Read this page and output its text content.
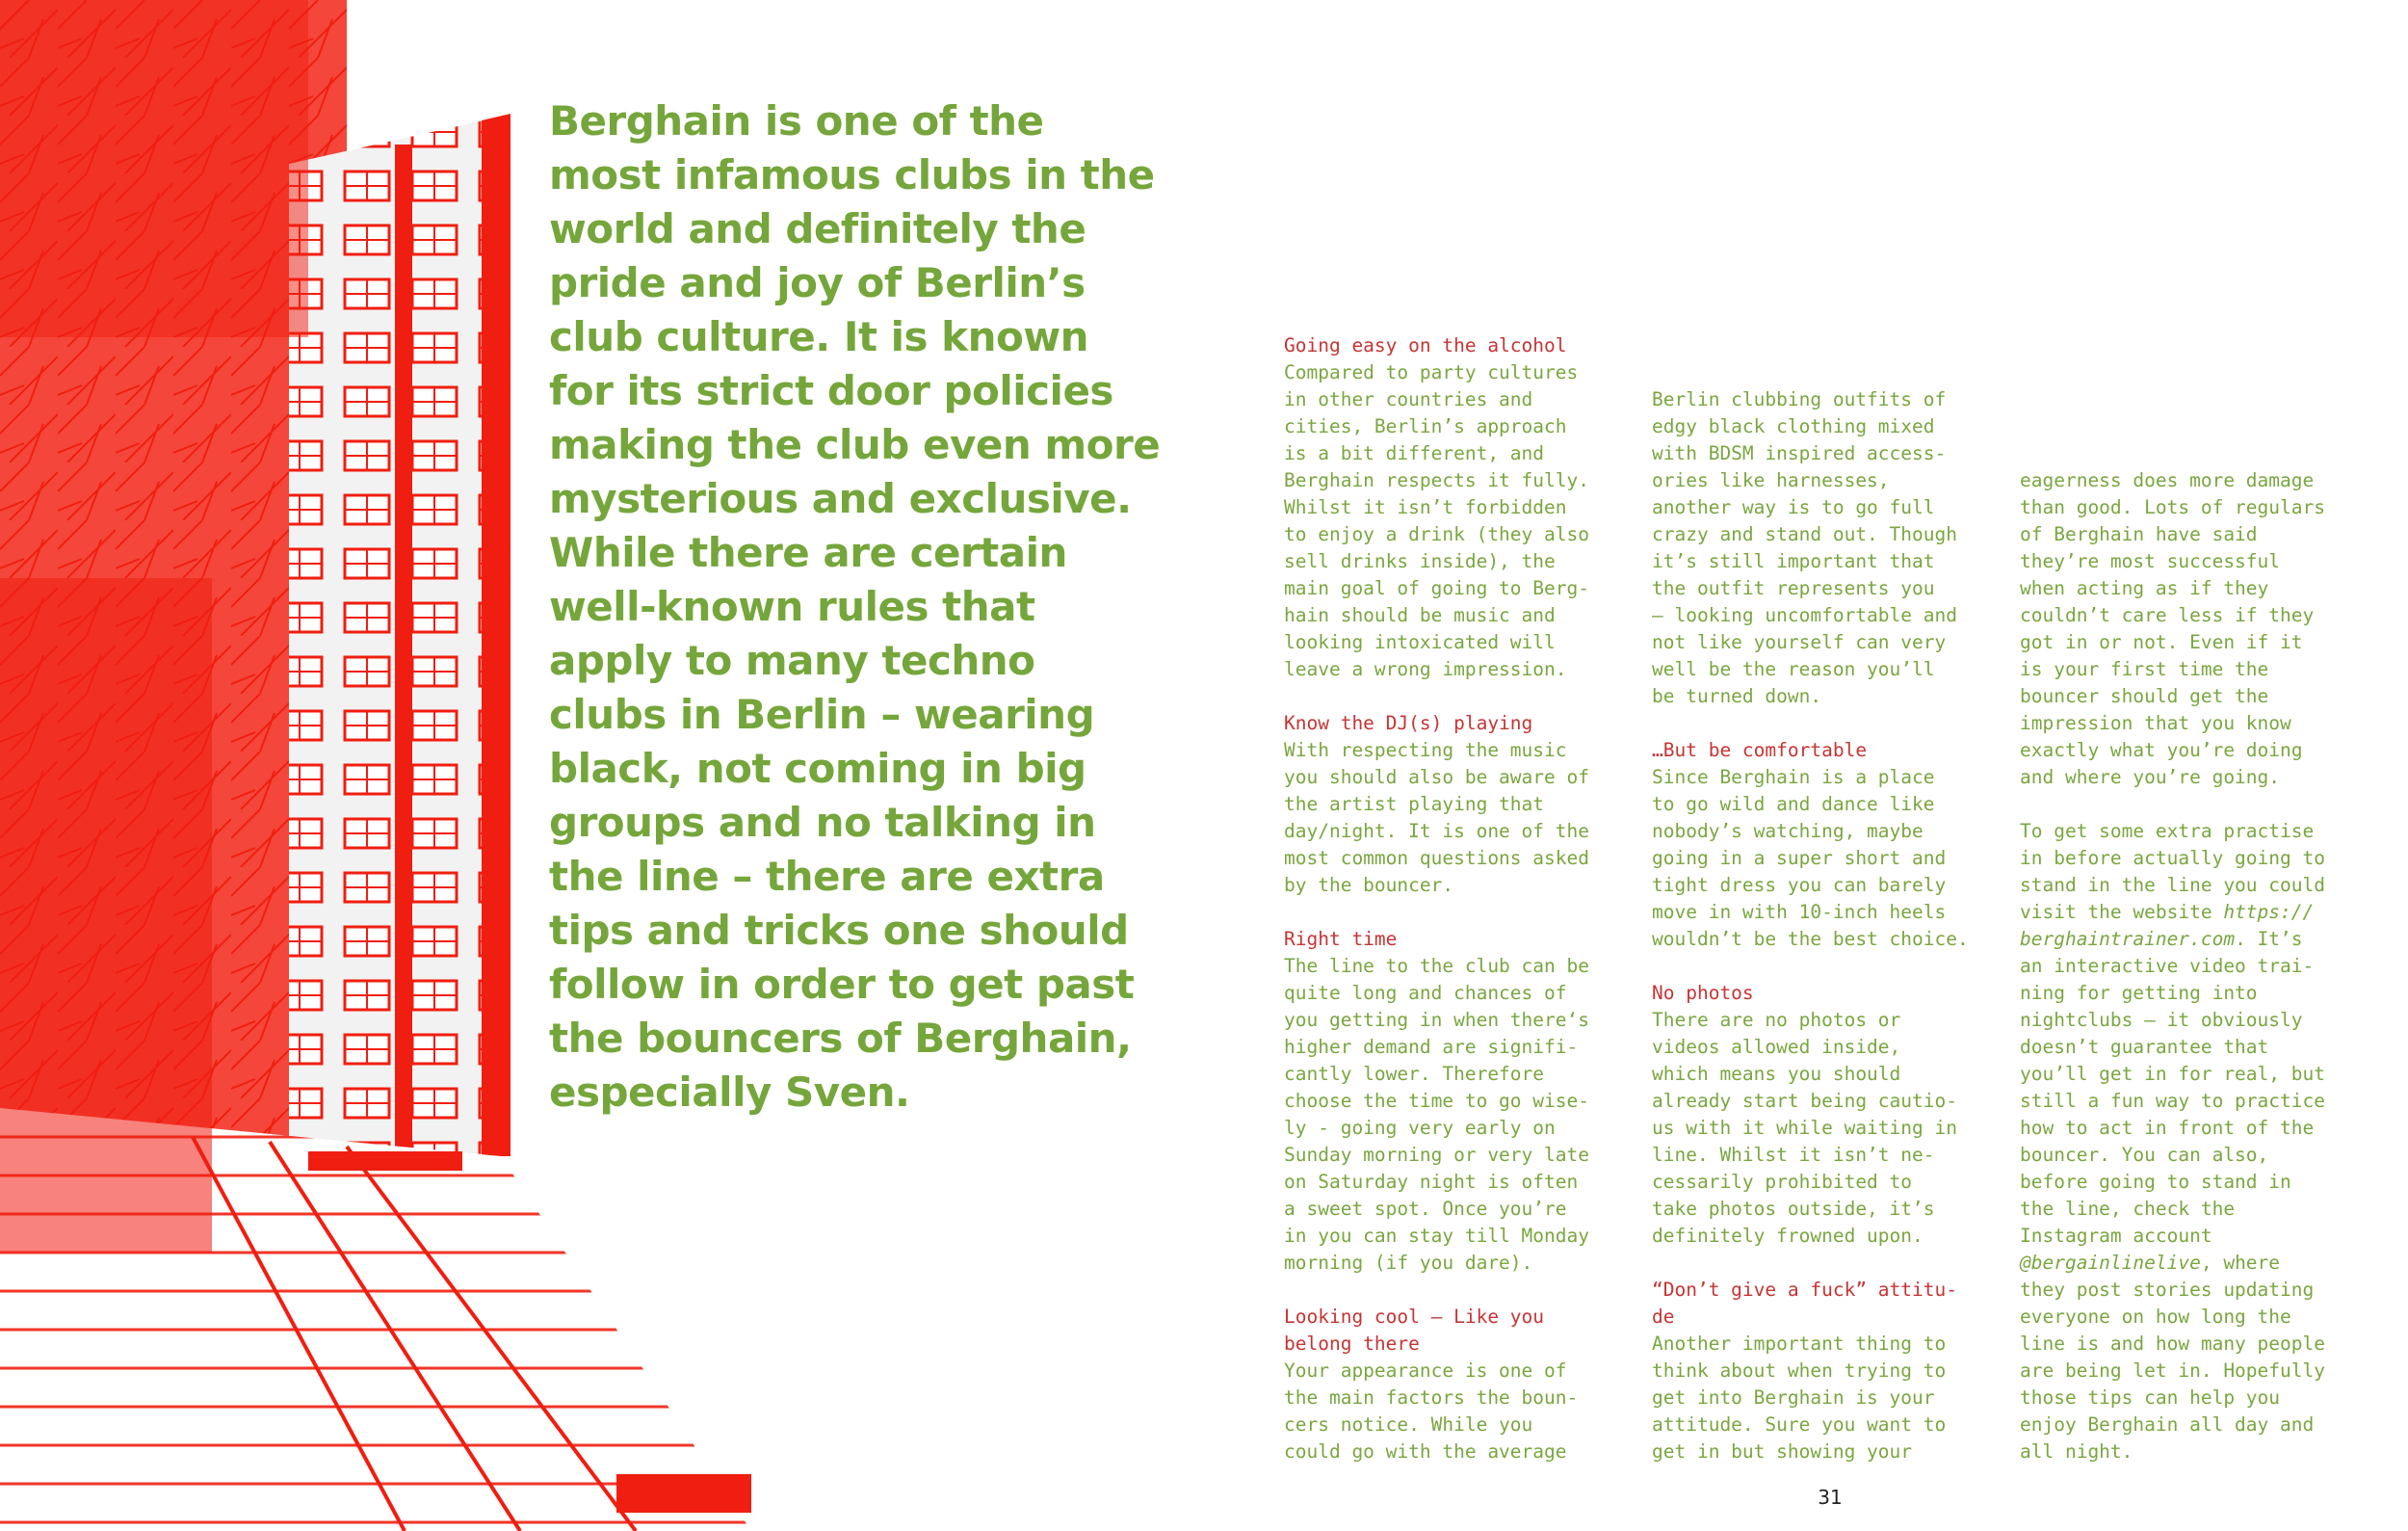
Berghain is one of the most infamous clubs in the world and definitely the pride and joy of Berlin’s club culture. It is known for its strict door policies making the club even more mysterious and exclusive. While there are certain well-known rules that apply to many techno clubs in Berlin – wearing black, not coming in big groups and no talking in the line – there are extra tips and tricks one should follow in order to get past the bouncers of Berghain, especially Sven.

Going easy on the alcohol
Compared to party cultures
in other countries and
cities, Berlin’s approach
is a bit different, and
Berghain respects it fully.
Whilst it isn’t forbidden
to enjoy a drink (they also
sell drinks inside), the
main goal of going to Berg-
hain should be music and
looking intoxicated will
leave a wrong impression.
Know the DJ(s) playing
With respecting the music
you should also be aware of
the artist playing that
day/night. It is one of the
most common questions asked
by the bouncer.
Right time
The line to the club can be
quite long and chances of
you getting in when there‘s
higher demand are signifi-
cantly lower. Therefore
choose the time to go wise-
ly - going very early on
Sunday morning or very late
on Saturday night is often
a sweet spot. Once you’re
in you can stay till Monday
morning (if you dare).
Looking cool – Like you
belong there
Your appearance is one of
the main factors the boun-
cers notice. While you
could go with the average
Berlin clubbing outfits of
edgy black clothing mixed
with BDSM inspired access-
ories like harnesses,
another way is to go full
crazy and stand out. Though
it’s still important that
the outfit represents you
– looking uncomfortable and
not like yourself can very
well be the reason you’ll
be turned down.
…But be comfortable
Since Berghain is a place
to go wild and dance like
nobody’s watching, maybe
going in a super short and
tight dress you can barely
move in with 10-inch heels
wouldn’t be the best choice.
No photos
There are no photos or
videos allowed inside,
which means you should
already start being cautio-
us with it while waiting in
line. Whilst it isn’t ne-
cessarily prohibited to
take photos outside, it’s
definitely frowned upon.
“Don’t give a fuck” attitu-
de
Another important thing to
think about when trying to
get into Berghain is your
attitude. Sure you want to
get in but showing your
eagerness does more damage
than good. Lots of regulars
of Berghain have said
they’re most successful
when acting as if they
couldn’t care less if they
got in or not. Even if it
is your first time the
bouncer should get the
impression that you know
exactly what you’re doing
and where you’re going.
To get some extra practise
in before actually going to
stand in the line you could
visit the website https://
berghaintrainer.com. It’s
an interactive video trai-
ning for getting into
nightclubs – it obviously
doesn’t guarantee that
you’ll get in for real, but
still a fun way to practice
how to act in front of the
bouncer. You can also,
before going to stand in
the line, check the
Instagram account
@bergainlinelive, where
they post stories updating
everyone on how long the
line is and how many people
are being let in. Hopefully
those tips can help you
enjoy Berghain all day and
all night.
31
